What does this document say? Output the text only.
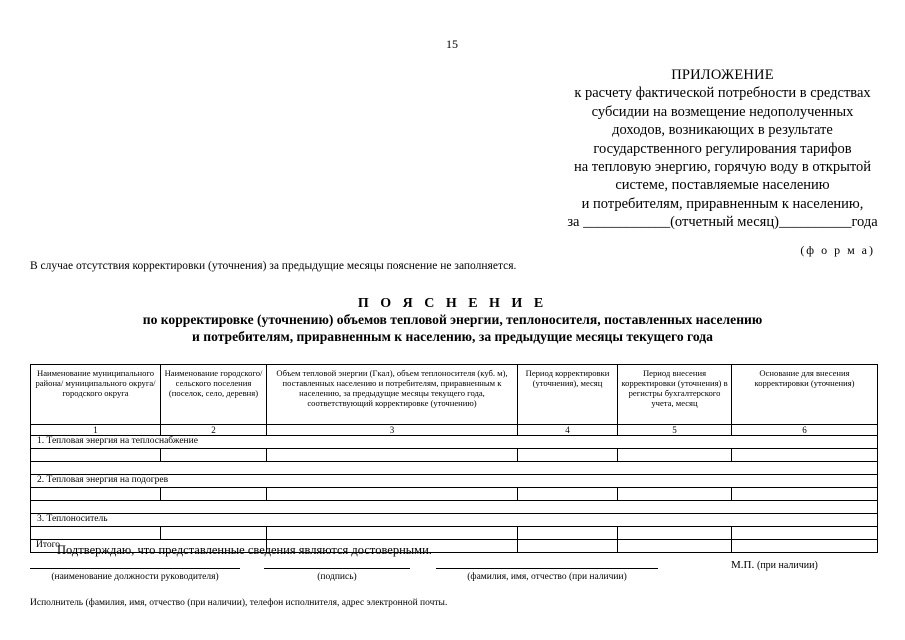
15
ПРИЛОЖЕНИЕ
к расчету фактической потребности в средствах
субсидии на возмещение недополученных
доходов, возникающих в результате
государственного регулирования тарифов
на тепловую энергию, горячую воду в открытой
системе, поставляемые населению
и потребителям, приравненным к населению,
за ____________(отчетный месяц)__________года
(ф о р м а)
В случае отсутствия корректировки (уточнения) за предыдущие месяцы пояснение не заполняется.
П О Я С Н Е Н И Е
по корректировке (уточнению) объемов тепловой энергии, теплоносителя, поставленных населению
и потребителям, приравненным к населению, за предыдущие месяцы текущего года
Наименование муниципального района/ муниципального округа/ городского округа	Наименование городского/сельского поселения (поселок, село, деревня)	Объем тепловой энергии (Гкал), объем теплоносителя (куб. м), поставленных населению и потребителям, приравненным к населению, за предыдущие месяцы текущего года, соответствующий корректировке (уточнению)	Период корректировки (уточнения), месяц	Период внесения корректировки (уточнения) в регистры бухгалтерского учета, месяц	Основание для внесения корректировки (уточнения)
1	2	3	4	5	6
1. Тепловая энергия на теплоснабжение					

2. Тепловая энергия на подогрев					

3. Теплоноситель					

Итого					
Подтверждаю, что представленные сведения являются достоверными.
М.П. (при наличии)
(наименование должности руководителя)	(подпись)	(фамилия, имя, отчество (при наличии)
Исполнитель (фамилия, имя, отчество (при наличии), телефон исполнителя, адрес электронной почты.
